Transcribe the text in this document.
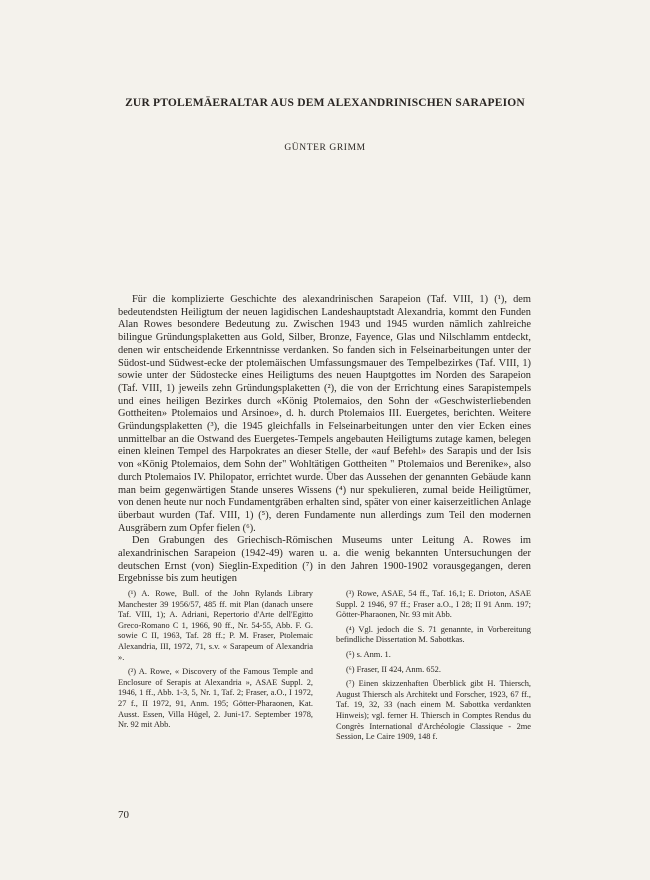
ZUR PTOLEMÄERALTAR AUS DEM ALEXANDRINISCHEN SARAPEION
GÜNTER GRIMM

Für die komplizierte Geschichte des alexandrinischen Sarapeion (Taf. VIII, 1) (¹), dem bedeutendsten Heiligtum der neuen lagidischen Landeshauptstadt Alexandria, kommt den Funden Alan Rowes besondere Bedeutung zu. Zwischen 1943 und 1945 wurden nämlich zahlreiche bilingue Gründungsplaketten aus Gold, Silber, Bronze, Fayence, Glas und Nilschlamm entdeckt, denen wir entscheidende Erkenntnisse verdanken. So fanden sich in Felseinarbeitungen unter der Südost-und Südwest-ecke der ptolemäischen Umfassungsmauer des Tempelbezirkes (Taf. VIII, 1) sowie unter der Südostecke eines Heiligtums des neuen Hauptgottes im Norden des Sarapeion (Taf. VIII, 1) jeweils zehn Gründungsplaketten (²), die von der Errichtung eines Sarapistempels und eines heiligen Bezirkes durch «König Ptolemaios, den Sohn der «Geschwisterliebenden Gottheiten» Ptolemaios und Arsinoe», d. h. durch Ptolemaios III. Euergetes, berichten. Weitere Gründungsplaketten (³), die 1945 gleichfalls in Felseinarbeitungen unter den vier Ecken eines unmittelbar an die Ostwand des Euergetes-Tempels angebauten Heiligtums zutage kamen, belegen einen kleinen Tempel des Harpokrates an dieser Stelle, der «auf Befehl» des Sarapis und der Isis von «König Ptolemaios, dem Sohn der" Wohltätigen Gottheiten " Ptolemaios und Berenike», also durch Ptolemaios IV. Philopator, errichtet wurde. Über das Aussehen der genannten Gebäude kann man beim gegenwärtigen Stande unseres Wissens (⁴) nur spekulieren, zumal beide Heiligtümer, von denen heute nur noch Fundamentgräben erhalten sind, später von einer kaiserzeitlichen Anlage überbaut wurden (Taf. VIII, 1) (⁵), deren Fundamente nun allerdings zum Teil den modernen Ausgräbern zum Opfer fielen (⁶).

Den Grabungen des Griechisch-Römischen Museums unter Leitung A. Rowes im alexandrinischen Sarapeion (1942-49) waren u. a. die wenig bekannten Untersuchungen der deutschen Ernst (von) Sieglin-Expedition (⁷) in den Jahren 1900-1902 vorausgegangen, deren Ergebnisse bis zum heutigen

(¹) A. Rowe, Bull. of the John Rylands Library Manchester 39 1956/57, 485 ff. mit Plan (danach unsere Taf. VIII, 1); A. Adriani, Repertorio d'Arte dell'Egitto Greco-Romano C 1, 1966, 90 ff., Nr. 54-55, Abb. F. G. sowie C II, 1963, Taf. 28 ff.; P. M. Fraser, Ptolemaic Alexandria, III, 1972, 71, s.v. « Sarapeum of Alexandria ».

(²) A. Rowe, « Discovery of the Famous Temple and Enclosure of Serapis at Alexandria », ASAE Suppl. 2, 1946, 1 ff., Abb. 1-3, 5, Nr. 1, Taf. 2; Fraser, a.O., I 1972, 27 f., II 1972, 91, Anm. 195; Götter-Pharaonen, Kat. Ausst. Essen, Villa Hügel, 2. Juni-17. September 1978, Nr. 92 mit Abb.

(³) Rowe, ASAE, 54 ff., Taf. 16,1; E. Drioton, ASAE Suppl. 2 1946, 97 ff.; Fraser a.O., I 28; II 91 Anm. 197; Götter-Pharaonen, Nr. 93 mit Abb.

(⁴) Vgl. jedoch die S. 71 genannte, in Vorbereitung befindliche Dissertation M. Sabottkas.

(⁵) s. Anm. 1.

(⁶) Fraser, II 424, Anm. 652.

(⁷) Einen skizzenhaften Überblick gibt H. Thiersch, August Thiersch als Architekt und Forscher, 1923, 67 ff., Taf. 19, 32, 33 (nach einem M. Sabottka verdankten Hinweis); vgl. ferner H. Thiersch in Comptes Rendus du Congrès International d'Archéologie Classique - 2me Session, Le Caire 1909, 148 f.

70
